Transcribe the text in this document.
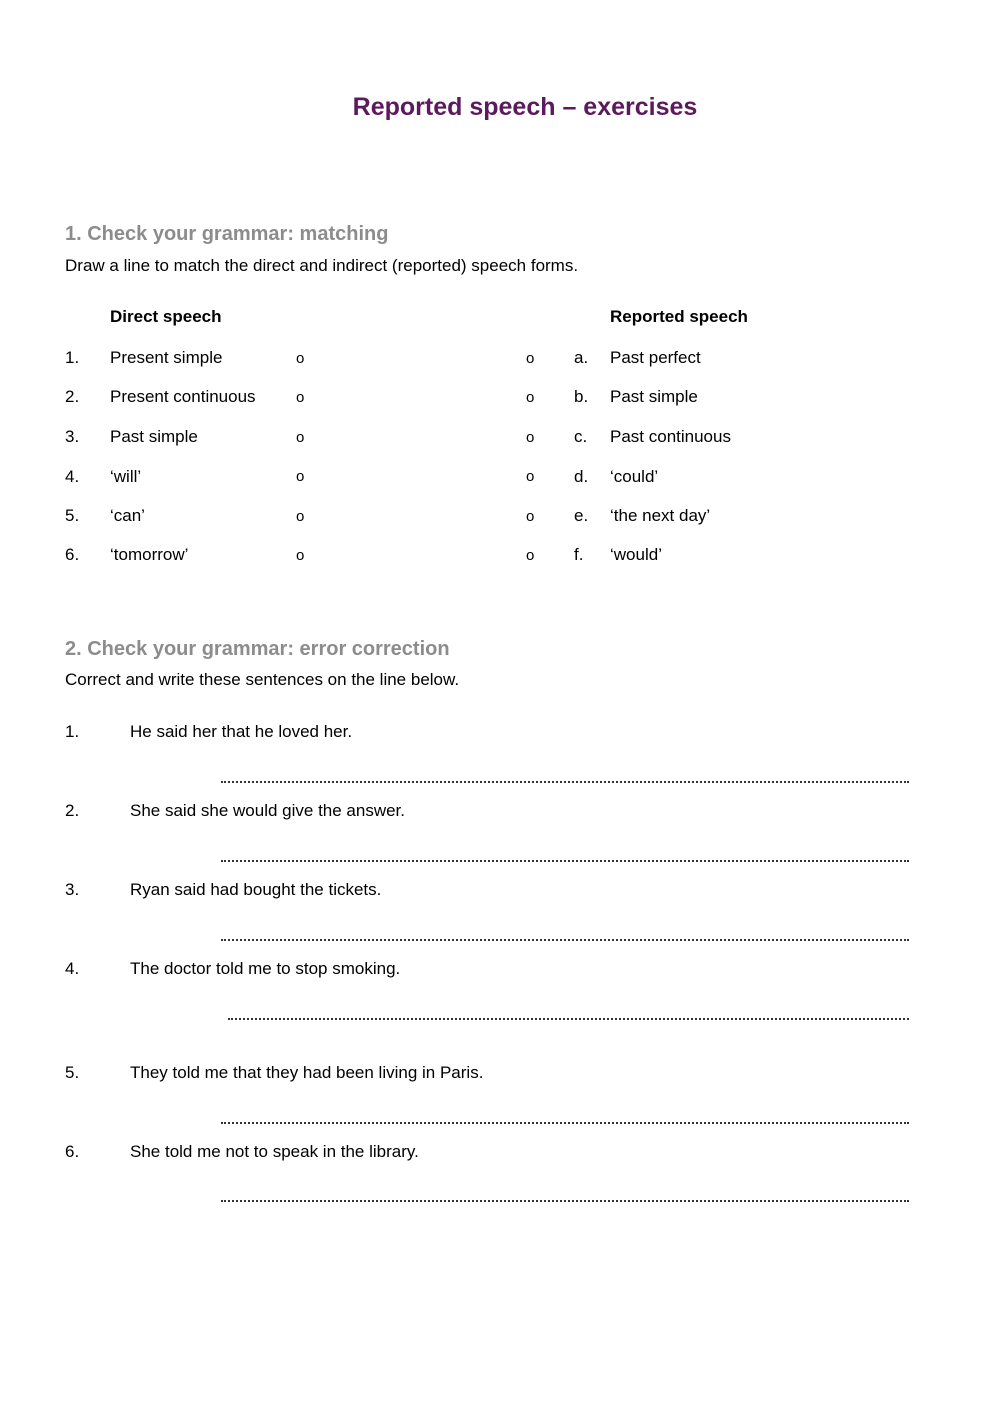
Reported speech – exercises
1. Check your grammar: matching
Draw a line to match the direct and indirect (reported) speech forms.
Direct speech	Reported speech
1. Present simple	o	o a. Past perfect
2. Present continuous	o	o b. Past simple
3. Past simple	o	o c. Past continuous
4. ‘will’	o	o d. ‘could’
5. ‘can’	o	o e. ‘the next day’
6. ‘tomorrow’	o	o f. ‘would’
2. Check your grammar: error correction
Correct and write these sentences on the line below.
1.	He said her that he loved her.
2.	She said she would give the answer.
3.	Ryan said had bought the tickets.
4.	The doctor told me to stop smoking.
5.	They told me that they had been living in Paris.
6.	She told me not to speak in the library.
